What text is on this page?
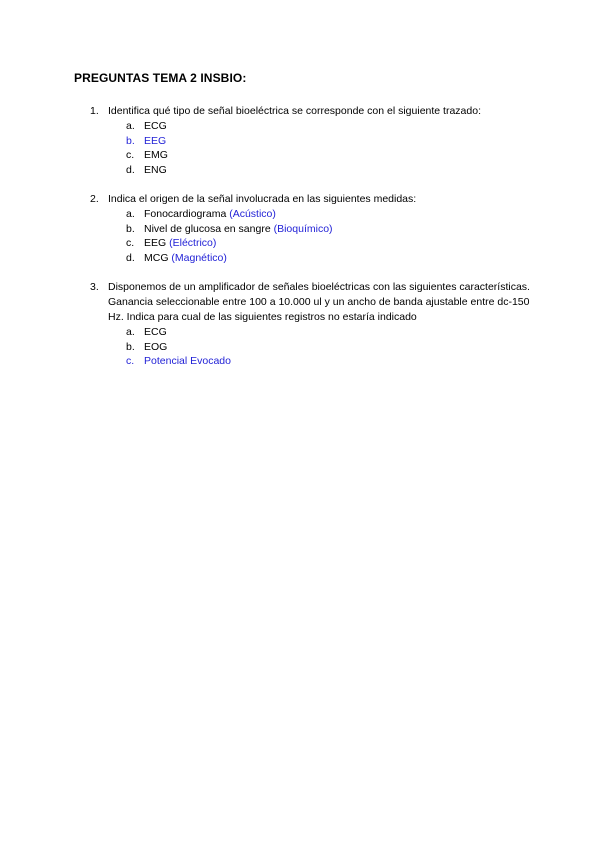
PREGUNTAS TEMA 2 INSBIO:
1. Identifica qué tipo de señal bioeléctrica se corresponde con el siguiente trazado:
a. ECG
b. EEG
c. EMG
d. ENG
2. Indica el origen de la señal involucrada en las siguientes medidas:
a. Fonocardiograma
(Acústico)
b. Nivel de glucosa en sangre
(Bioquímico)
c. EEG
(Eléctrico)
d. MCG
(Magnético)
3. Disponemos de un amplificador de señales bioeléctricas con las siguientes características. Ganancia seleccionable entre 100 a 10.000 ul y un ancho de banda ajustable entre dc-150 Hz. Indica para cual de las siguientes registros no estaría indicado
a. ECG
b. EOG
c. Potencial Evocado
